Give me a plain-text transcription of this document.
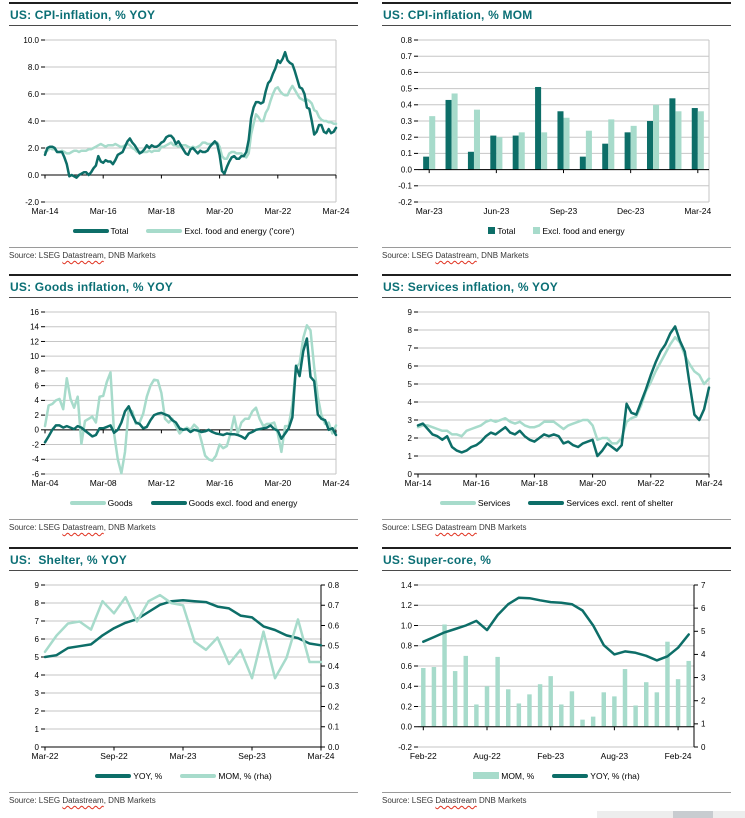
US: CPI-inflation, % YOY
10.0
8.0
6.0
4.0
2.0
0.0
-2.0
Mar-14	Mar-16	Mar-18	Mar-20	Mar-22	Mar-24
Total	Excl. food and energy ('core')
Source: LSEG Datastream, DNB Markets
US: CPI-inflation, % MOM
0.8
0.7
0.6
0.5
0.4
0.3
0.2
0.1
0.0
-0.1
-0.2
Mar-23	Jun-23	Sep-23	Dec-23	Mar-24
Total	Excl. food and energy
Source: LSEG Datastream, DNB Markets
US: Goods inflation, % YOY
16
14
12
10
8
6
4
2
0
-2
-4
-6
Mar-04	Mar-08	Mar-12	Mar-16	Mar-20	Mar-24
Goods	Goods excl. food and energy
Source: LSEG Datastream, DNB Markets
US: Services inflation, % YOY
9
8
7
6
5
4
3
2
1
0
Mar-14	Mar-16	Mar-18	Mar-20	Mar-22	Mar-24
Services	Services excl. rent of shelter
Source: LSEG Datastream DNB Markets
US:  Shelter, % YOY
9
8
7
6
5
4
3
2
1
0
0.8
0.7
0.6
0.5
0.4
0.3
0.2
0.1
0.0
Mar-22	Sep-22	Mar-23	Sep-23	Mar-24
YOY, %	MOM, % (rha)
Source: LSEG Datastream, DNB Markets
US: Super-core, %
1.4
1.2
1.0
0.8
0.6
0.4
0.2
0.0
-0.2
7
6
5
4
3
2
1
0
Feb-22	Aug-22	Feb-23	Aug-23	Feb-24
MOM, %	YOY, % (rha)
Source: LSEG Datastream DNB Markets
